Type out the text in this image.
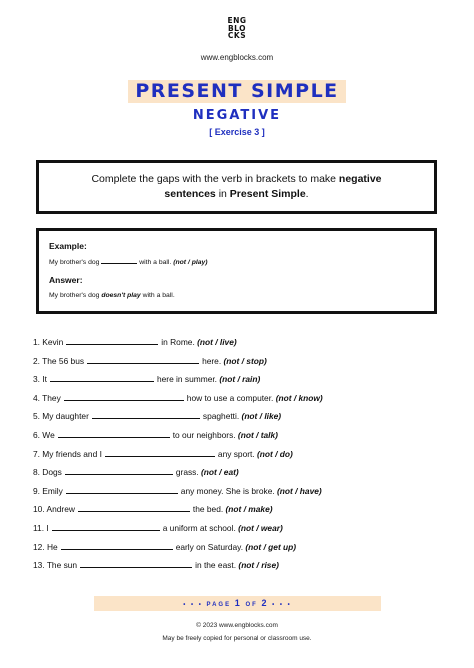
ENG
BLO
CKS
www.engblocks.com
PRESENT SIMPLE
NEGATIVE
[ Exercise 3 ]
Complete the gaps with the verb in brackets to make negative sentences in Present Simple.
Example:
My brother's dog	with a ball. (not / play)
Answer:
My brother's dog doesn't play with a ball.
1. Kevin	in Rome. (not / live)
2. The 56 bus	here. (not / stop)
3. It	here in summer. (not / rain)
4. They	how to use a computer. (not / know)
5. My daughter	spaghetti. (not / like)
6. We	to our neighbors. (not / talk)
7. My friends and I	any sport. (not / do)
8. Dogs	grass. (not / eat)
9. Emily	any money. She is broke. (not / have)
10. Andrew	the bed. (not / make)
11. I	a uniform at school. (not / wear)
12. He	early on Saturday. (not / get up)
13. The sun	in the east. (not / rise)
• • • PAGE 1 OF 2 • • •
© 2023 www.engblocks.com
May be freely copied for personal or classroom use.
